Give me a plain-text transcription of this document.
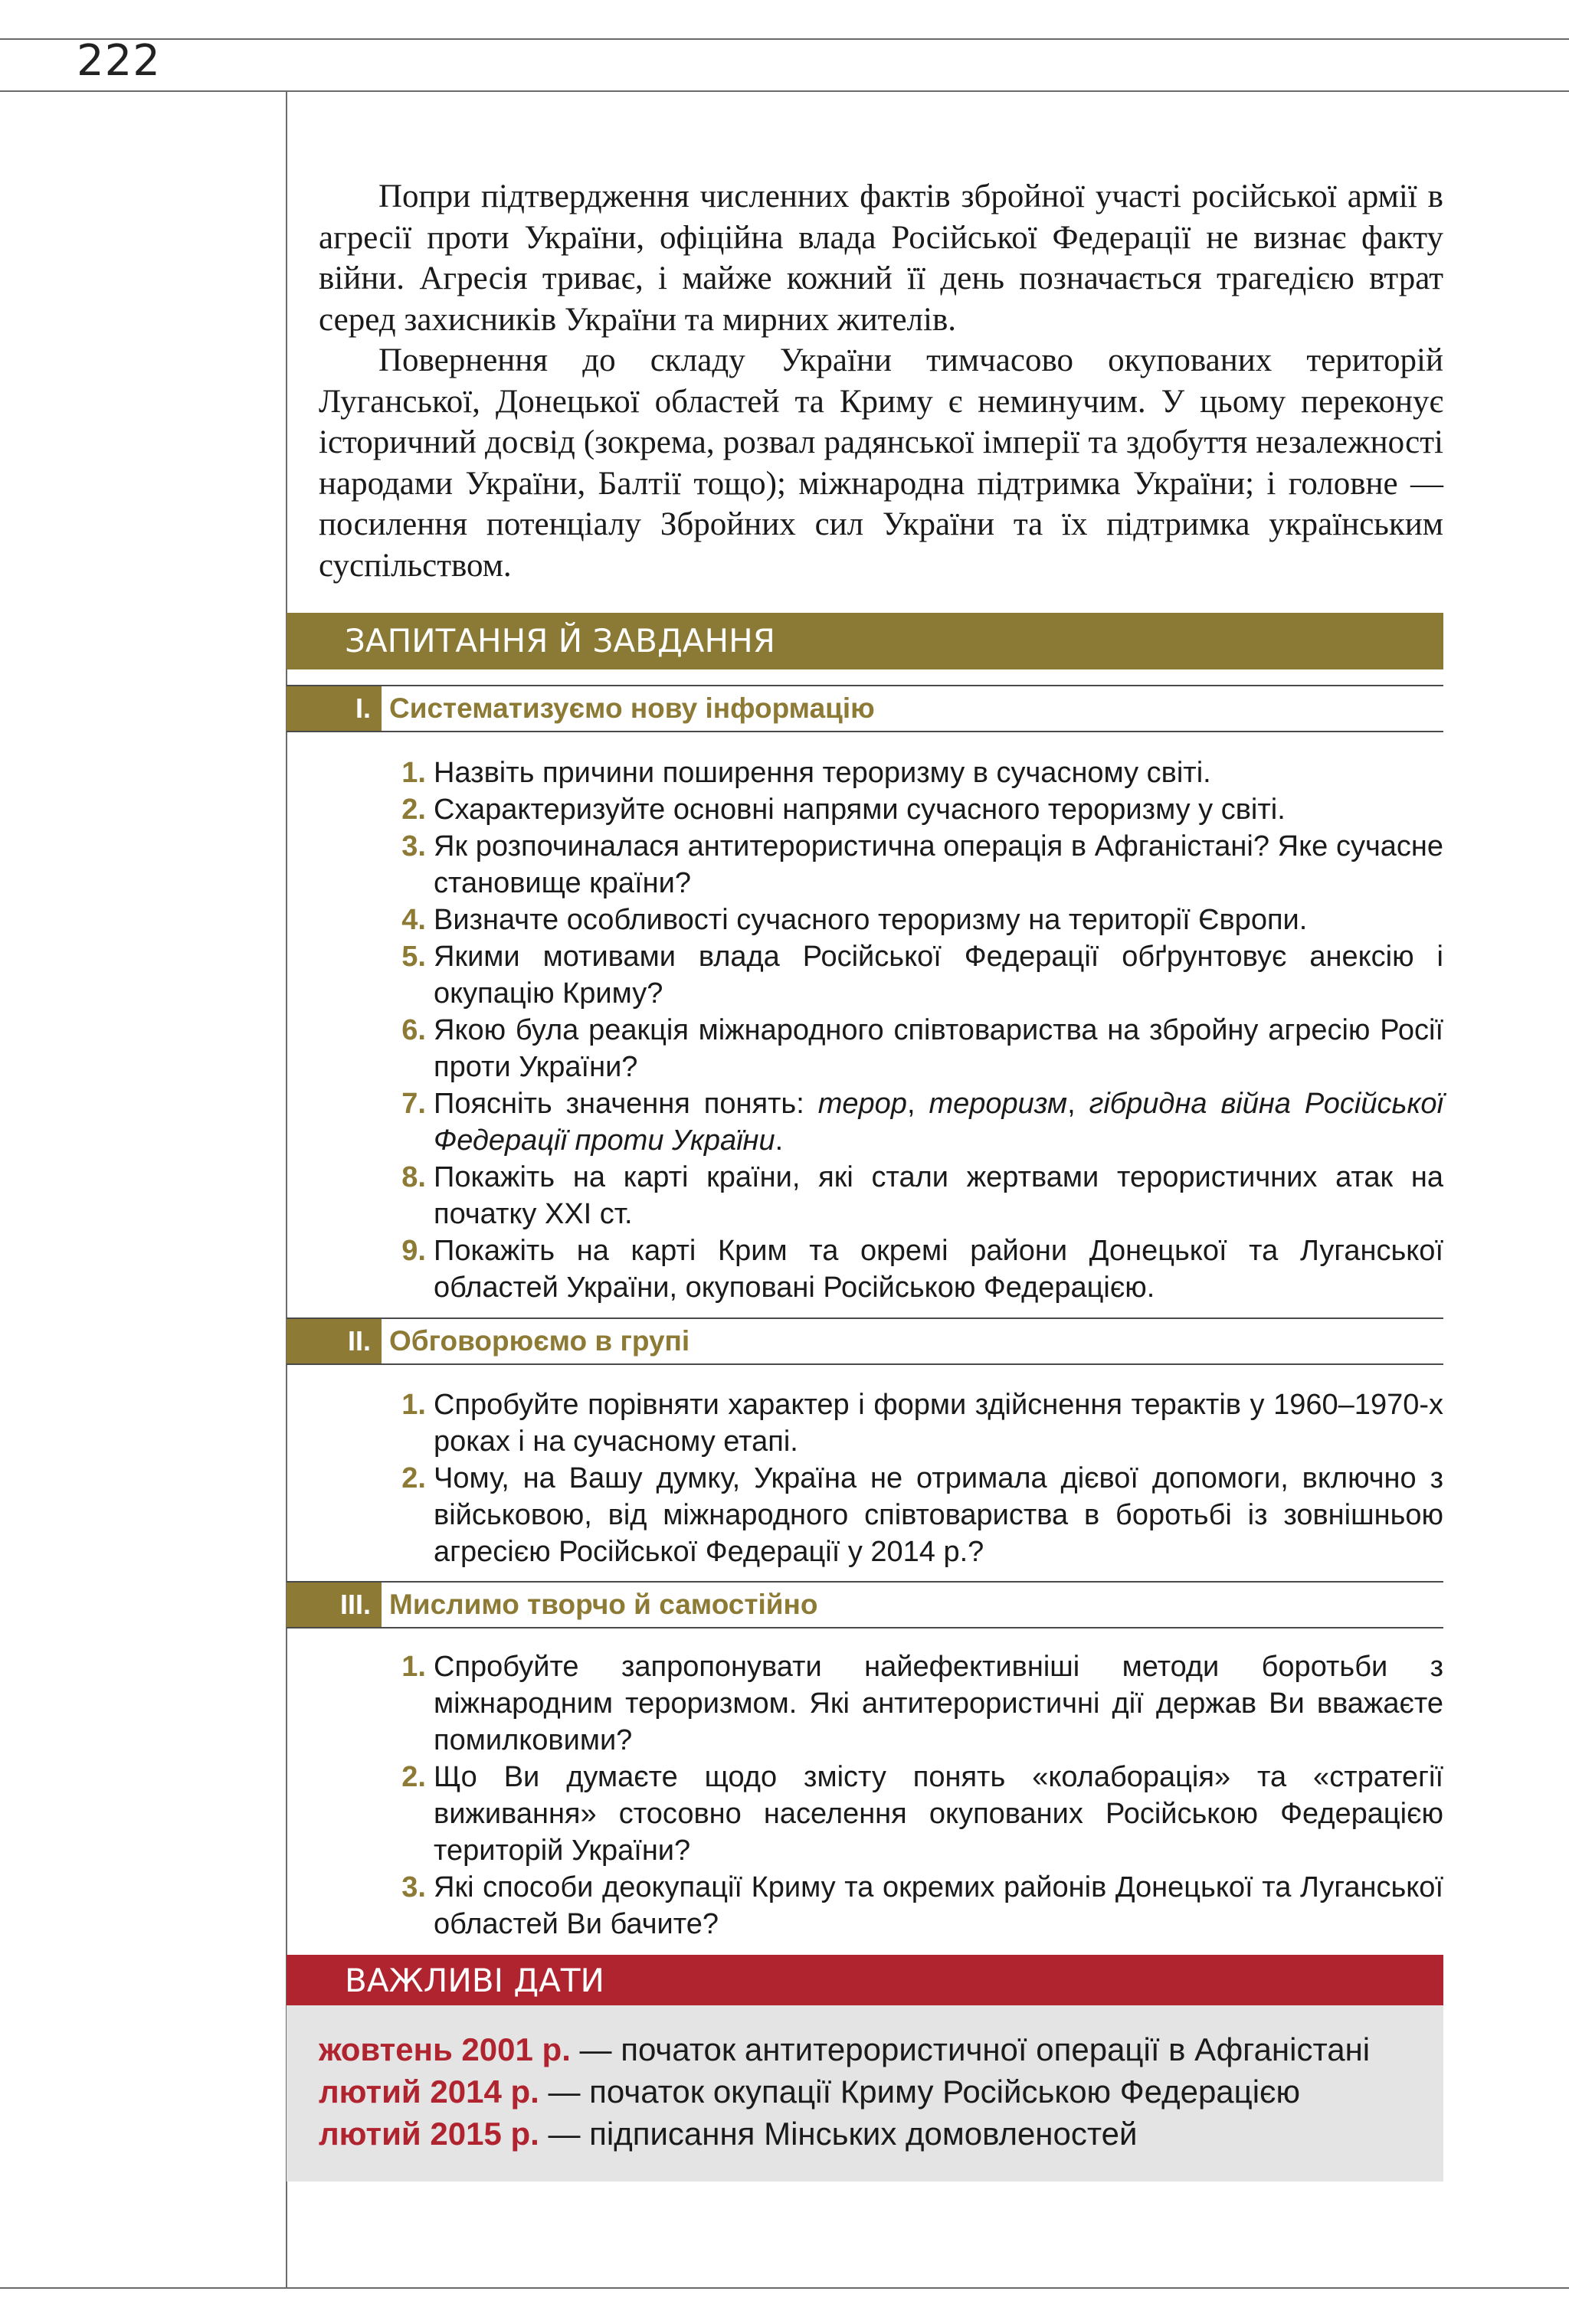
222

Попри підтвердження численних фактів збройної участі російської армії в агресії проти України, офіційна влада Російської Федерації не визнає факту війни. Агресія триває, і майже кожний її день позначається трагедією втрат серед захисників України та мирних жителів.

Повернення до складу України тимчасово окупованих територій Луганської, Донецької областей та Криму є неминучим. У цьому переконує історичний досвід (зокрема, розвал радянської імперії та здобуття незалежності народами України, Балтії тощо); міжнародна підтримка України; і головне — посилення потенціалу Збройних сил України та їх підтримка українським суспільством.

ЗАПИТАННЯ Й ЗАВДАННЯ
I. Систематизуємо нову інформацію
1. Назвіть причини поширення тероризму в сучасному світі.
2. Схарактеризуйте основні напрями сучасного тероризму у світі.
3. Як розпочиналася антитерористична операція в Афганістані? Яке сучасне становище країни?
4. Визначте особливості сучасного тероризму на території Європи.
5. Якими мотивами влада Російської Федерації обґрунтовує анексію і окупацію Криму?
6. Якою була реакція міжнародного співтовариства на збройну агресію Росії проти України?
7. Поясніть значення понять: терор, тероризм, гібридна війна Російської Федерації проти України.
8. Покажіть на карті країни, які стали жертвами терористичних атак на початку XXI ст.
9. Покажіть на карті Крим та окремі райони Донецької та Луганської областей України, окуповані Російською Федерацією.
II. Обговорюємо в групі
1. Спробуйте порівняти характер і форми здійснення терактів у 1960–1970-х роках і на сучасному етапі.
2. Чому, на Вашу думку, Україна не отримала дієвої допомоги, включно з військовою, від міжнародного співтовариства в боротьбі із зовнішньою агресією Російської Федерації у 2014 р.?
III. Мислимо творчо й самостійно
1. Спробуйте запропонувати найефективніші методи боротьби з міжнародним тероризмом. Які антитерористичні дії держав Ви вважаєте помилковими?
2. Що Ви думаєте щодо змісту понять «колаборація» та «стратегії виживання» стосовно населення окупованих Російською Федерацією територій України?
3. Які способи деокупації Криму та окремих районів Донецької та Луганської областей Ви бачите?
ВАЖЛИВІ ДАТИ
жовтень 2001 р. — початок антитерористичної операції в Афганістані
лютий 2014 р. — початок окупації Криму Російською Федерацією
лютий 2015 р. — підписання Мінських домовленостей
